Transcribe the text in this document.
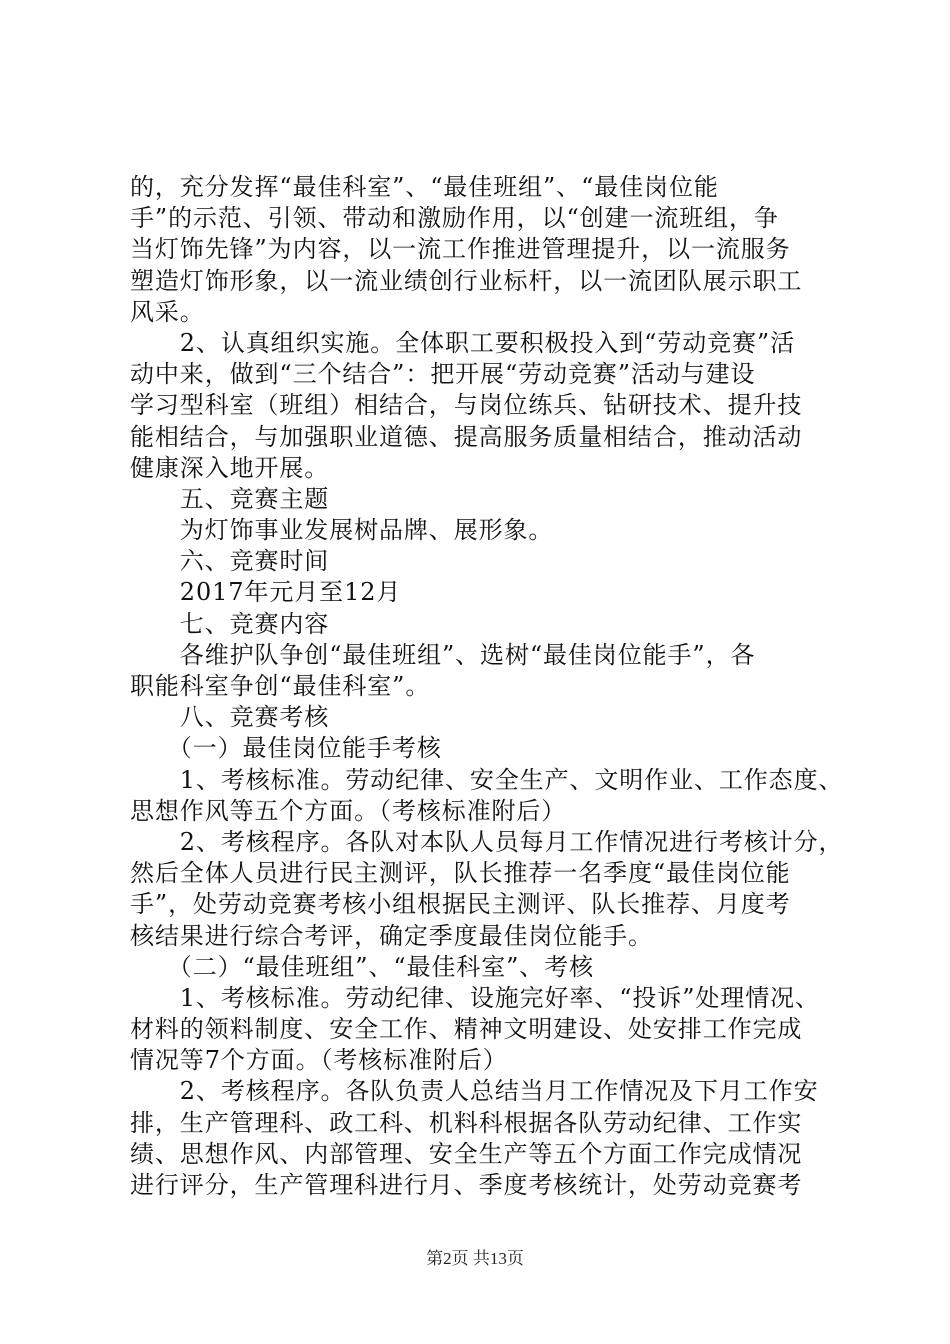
的，充分发挥“最佳科室”、“最佳班组”、“最佳岗位能
手”的示范、引领、带动和激励作用，以“创建一流班组，争
当灯饰先锋”为内容，以一流工作推进管理提升，以一流服务
塑造灯饰形象，以一流业绩创行业标杆，以一流团队展示职工
风采。
　　2、认真组织实施。全体职工要积极投入到“劳动竞赛”活
动中来，做到“三个结合”：把开展“劳动竞赛”活动与建设
学习型科室（班组）相结合，与岗位练兵、钻研技术、提升技
能相结合，与加强职业道德、提高服务质量相结合，推动活动
健康深入地开展。
　　五、竞赛主题
　　为灯饰事业发展树品牌、展形象。
　　六、竞赛时间
　　2017年元月至12月
　　七、竞赛内容
　　各维护队争创“最佳班组”、选树“最佳岗位能手”，各
职能科室争创“最佳科室”。
　　八、竞赛考核
　　（一）最佳岗位能手考核
　　1、考核标准。劳动纪律、安全生产、文明作业、工作态度、
思想作风等五个方面。（考核标准附后）
　　2、考核程序。各队对本队人员每月工作情况进行考核计分，
然后全体人员进行民主测评，队长推荐一名季度“最佳岗位能
手”，处劳动竞赛考核小组根据民主测评、队长推荐、月度考
核结果进行综合考评，确定季度最佳岗位能手。
　　（二）“最佳班组”、“最佳科室”、考核
　　1、考核标准。劳动纪律、设施完好率、“投诉”处理情况、
材料的领料制度、安全工作、精神文明建设、处安排工作完成
情况等7个方面。（考核标准附后）
　　2、考核程序。各队负责人总结当月工作情况及下月工作安
排，生产管理科、政工科、机料科根据各队劳动纪律、工作实
绩、思想作风、内部管理、安全生产等五个方面工作完成情况
进行评分，生产管理科进行月、季度考核统计，处劳动竞赛考
第2页 共13页
